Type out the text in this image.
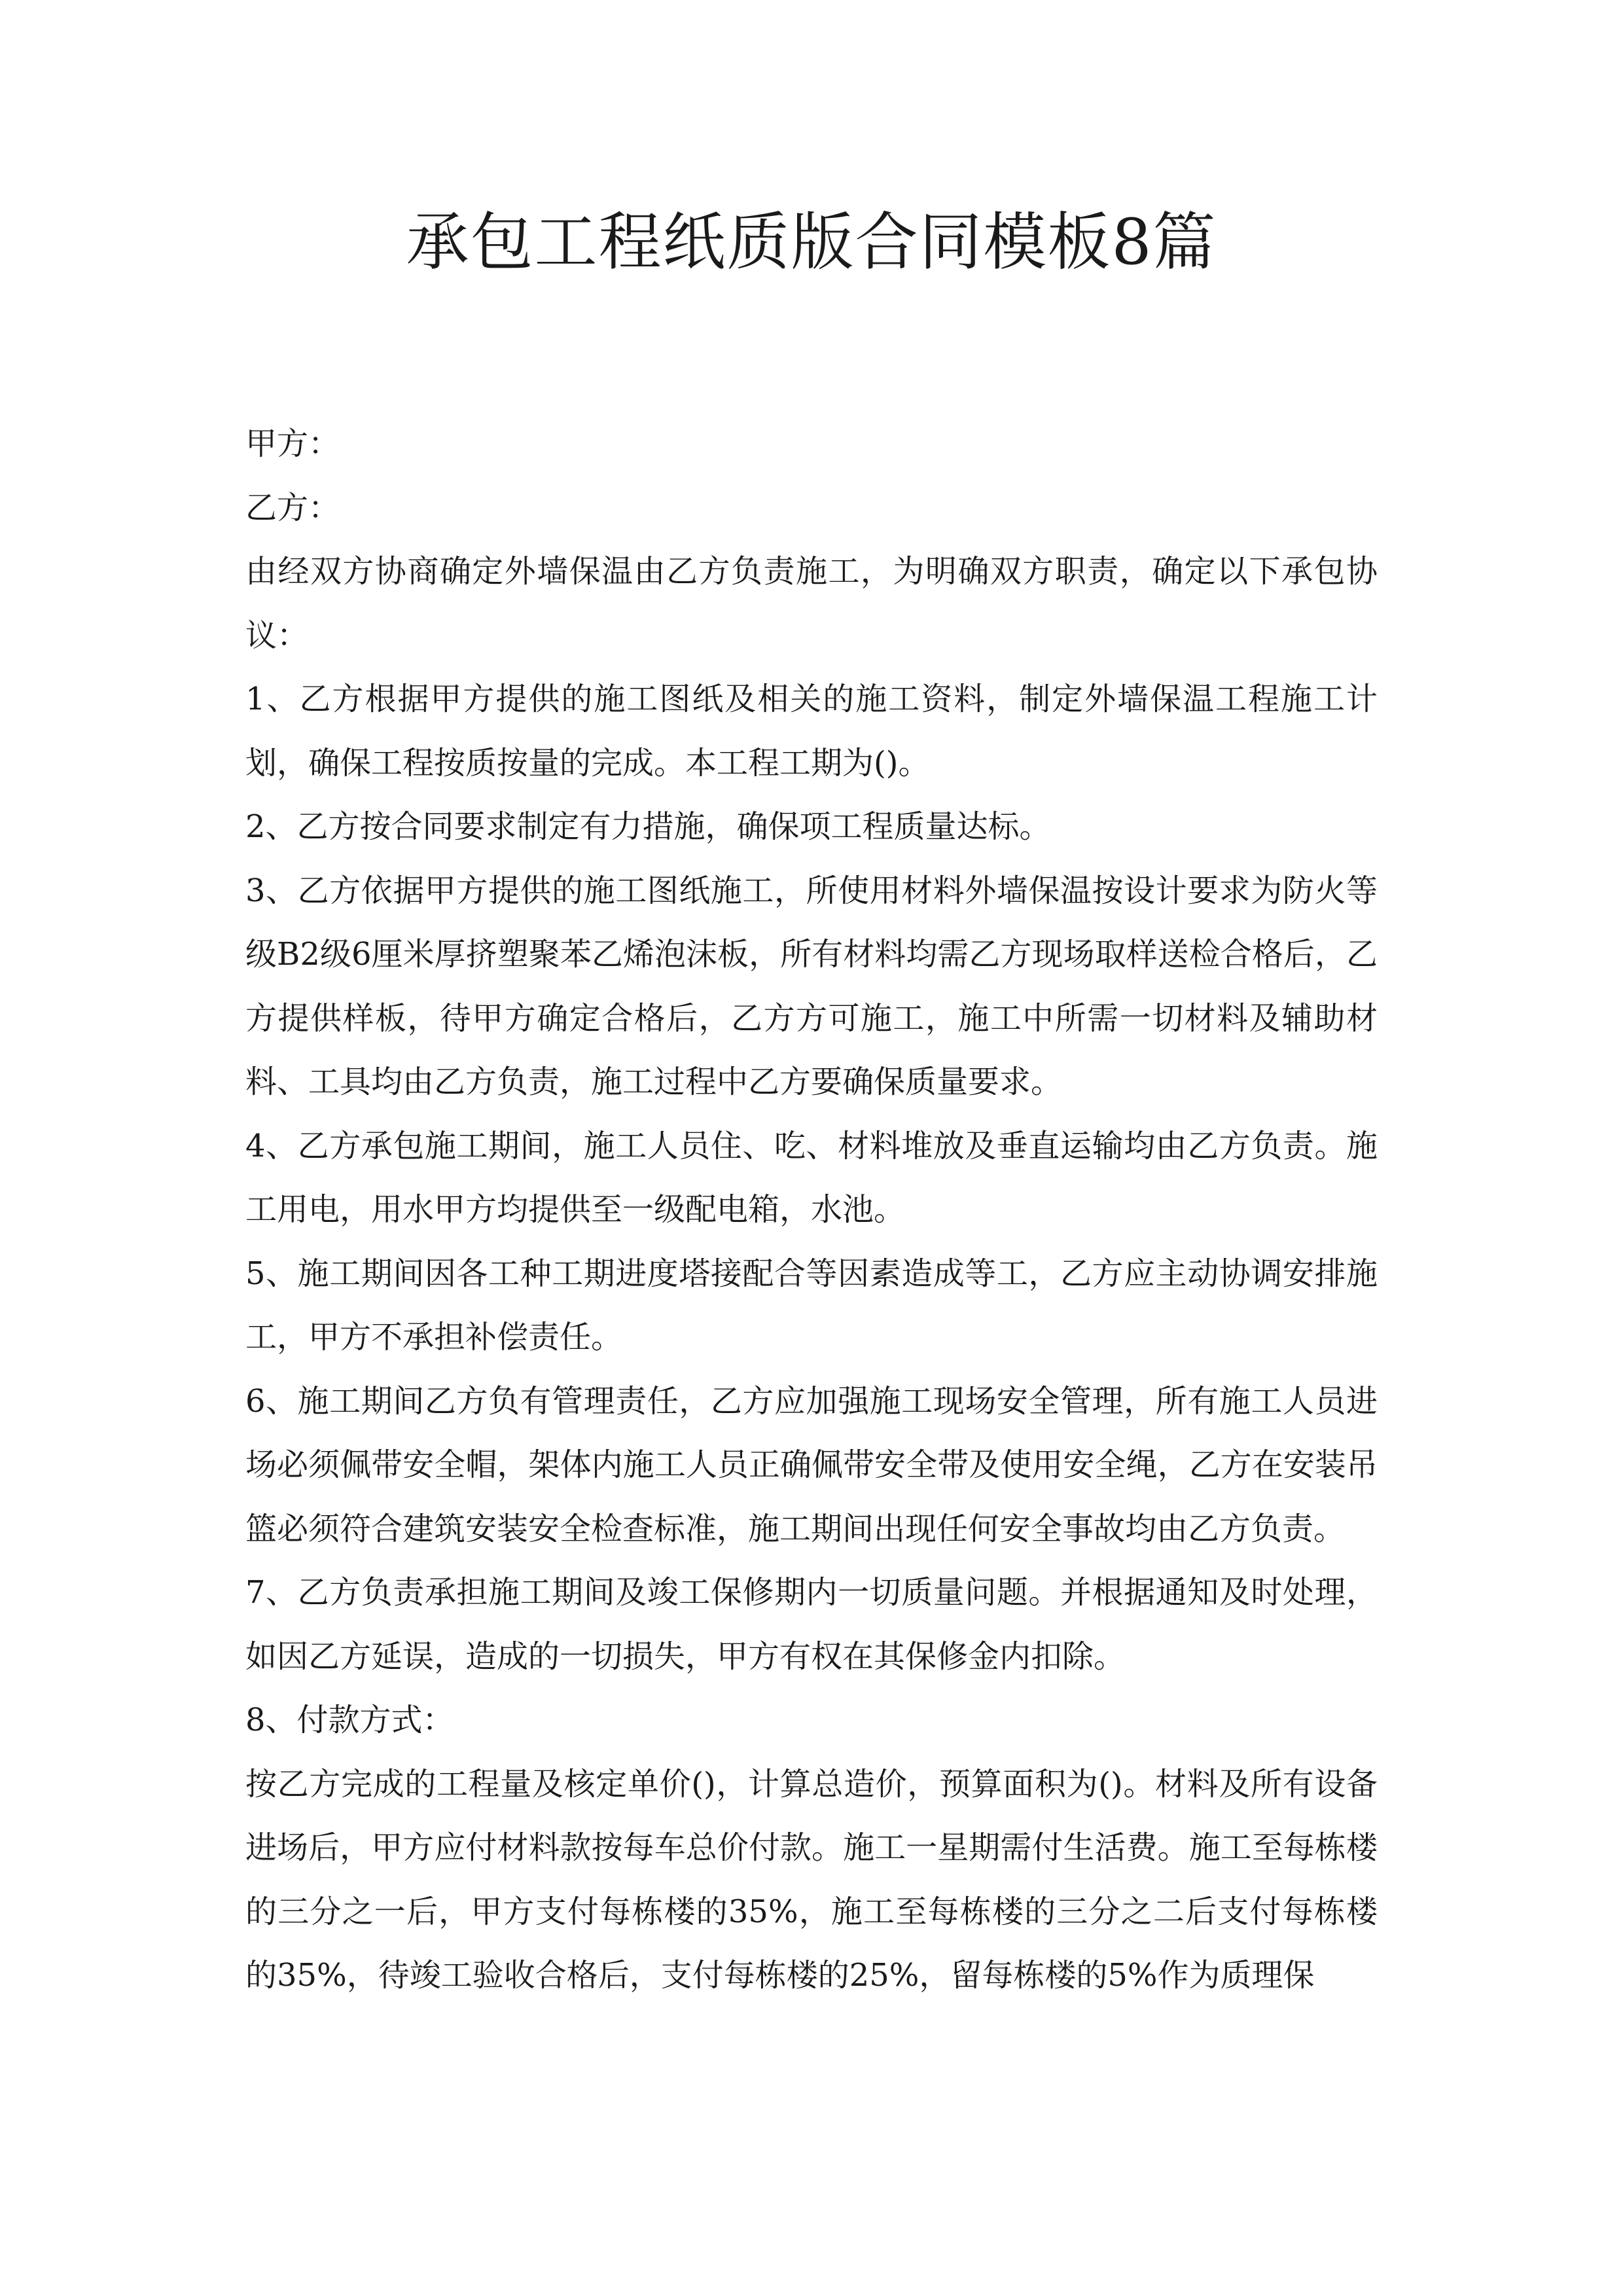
承包工程纸质版合同模板8篇

甲方：

乙方：

由经双方协商确定外墙保温由乙方负责施工，为明确双方职责，确定以下承包协议：

1、乙方根据甲方提供的施工图纸及相关的施工资料，制定外墙保温工程施工计划，确保工程按质按量的完成。本工程工期为()。

2、乙方按合同要求制定有力措施，确保项工程质量达标。

3、乙方依据甲方提供的施工图纸施工，所使用材料外墙保温按设计要求为防火等级B2级6厘米厚挤塑聚苯乙烯泡沫板，所有材料均需乙方现场取样送检合格后，乙方提供样板，待甲方确定合格后，乙方方可施工，施工中所需一切材料及辅助材料、工具均由乙方负责，施工过程中乙方要确保质量要求。

4、乙方承包施工期间，施工人员住、吃、材料堆放及垂直运输均由乙方负责。施工用电，用水甲方均提供至一级配电箱，水池。

5、施工期间因各工种工期进度塔接配合等因素造成等工，乙方应主动协调安排施工，甲方不承担补偿责任。

6、施工期间乙方负有管理责任，乙方应加强施工现场安全管理，所有施工人员进场必须佩带安全帽，架体内施工人员正确佩带安全带及使用安全绳，乙方在安装吊篮必须符合建筑安装安全检查标准，施工期间出现任何安全事故均由乙方负责。

7、乙方负责承担施工期间及竣工保修期内一切质量问题。并根据通知及时处理，如因乙方延误，造成的一切损失，甲方有权在其保修金内扣除。

8、付款方式：

按乙方完成的工程量及核定单价()，计算总造价，预算面积为()。材料及所有设备进场后，甲方应付材料款按每车总价付款。施工一星期需付生活费。施工至每栋楼的三分之一后，甲方支付每栋楼的35%，施工至每栋楼的三分之二后支付每栋楼的35%，待竣工验收合格后，支付每栋楼的25%，留每栋楼的5%作为质理保
